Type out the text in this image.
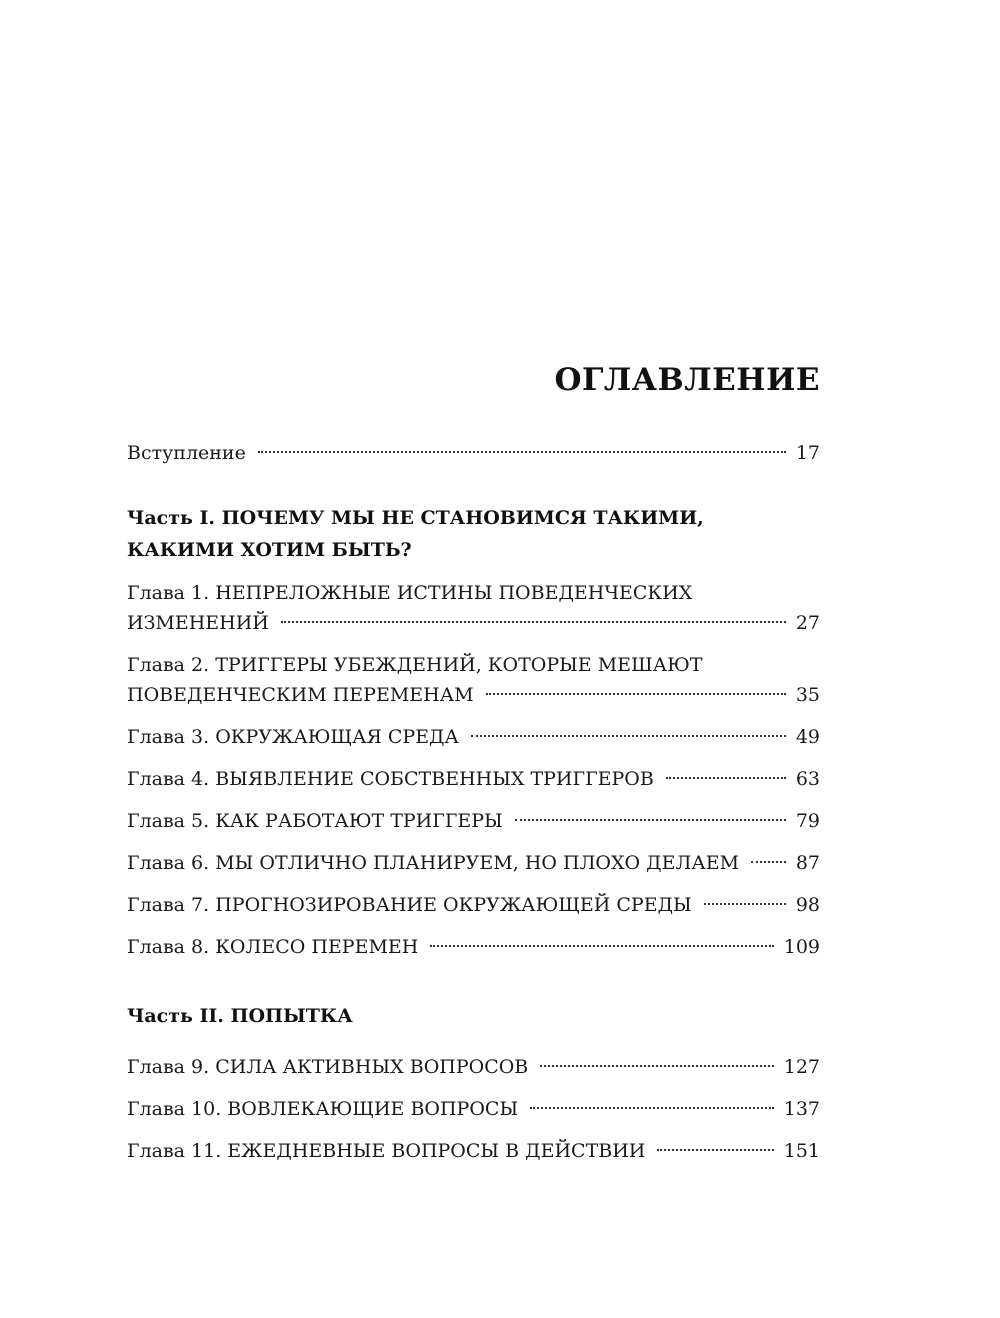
ОГЛАВЛЕНИЕ
Вступление	17
Часть I. ПОЧЕМУ МЫ НЕ СТАНОВИМСЯ ТАКИМИ,
КАКИМИ ХОТИМ БЫТЬ?
Глава 1. НЕПРЕЛОЖНЫЕ ИСТИНЫ ПОВЕДЕНЧЕСКИХ
ИЗМЕНЕНИЙ	27
Глава 2. ТРИГГЕРЫ УБЕЖДЕНИЙ, КОТОРЫЕ МЕШАЮТ
ПОВЕДЕНЧЕСКИМ ПЕРЕМЕНАМ	35
Глава 3. ОКРУЖАЮЩАЯ СРЕДА	49
Глава 4. ВЫЯВЛЕНИЕ СОБСТВЕННЫХ ТРИГГЕРОВ	63
Глава 5. КАК РАБОТАЮТ ТРИГГЕРЫ	79
Глава 6. МЫ ОТЛИЧНО ПЛАНИРУЕМ, НО ПЛОХО ДЕЛАЕМ	87
Глава 7. ПРОГНОЗИРОВАНИЕ ОКРУЖАЮЩЕЙ СРЕДЫ	98
Глава 8. КОЛЕСО ПЕРЕМЕН	109
Часть II. ПОПЫТКА
Глава 9. СИЛА АКТИВНЫХ ВОПРОСОВ	127
Глава 10. ВОВЛЕКАЮЩИЕ ВОПРОСЫ	137
Глава 11. ЕЖЕДНЕВНЫЕ ВОПРОСЫ В ДЕЙСТВИИ	151
